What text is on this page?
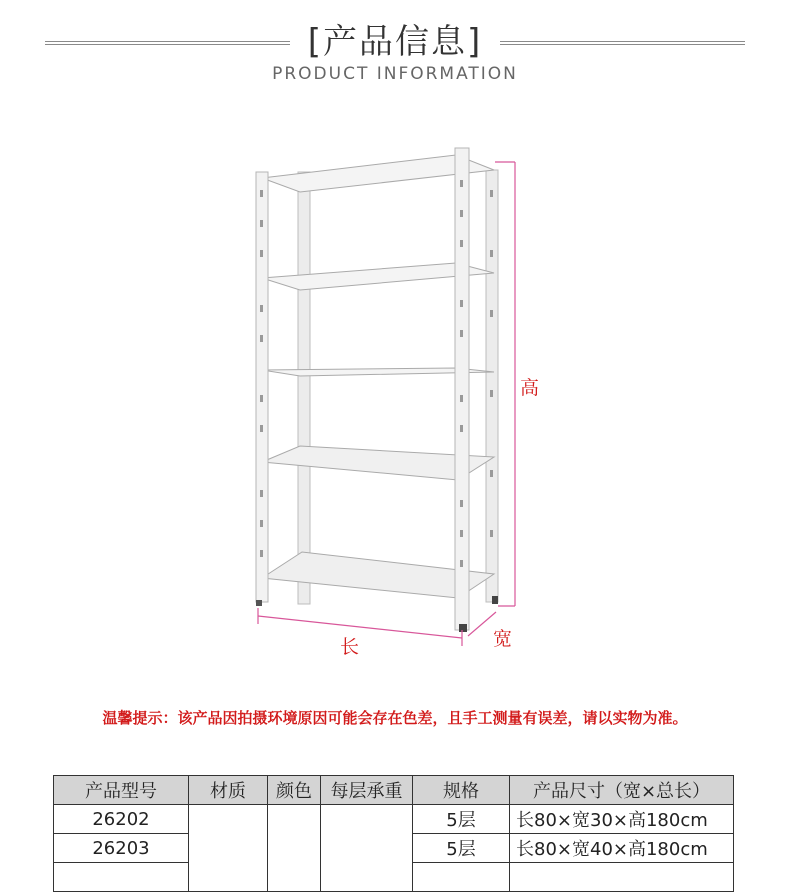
[产品信息]
PRODUCT INFORMATION
高
长	宽
温馨提示：该产品因拍摄环境原因可能会存在色差，且手工测量有误差，请以实物为准。
产品型号	材质	颜色	每层承重	规格	产品尺寸（宽×总长）
26202				5层	长80×宽30×高180cm
26203				5层	长80×宽40×高180cm
